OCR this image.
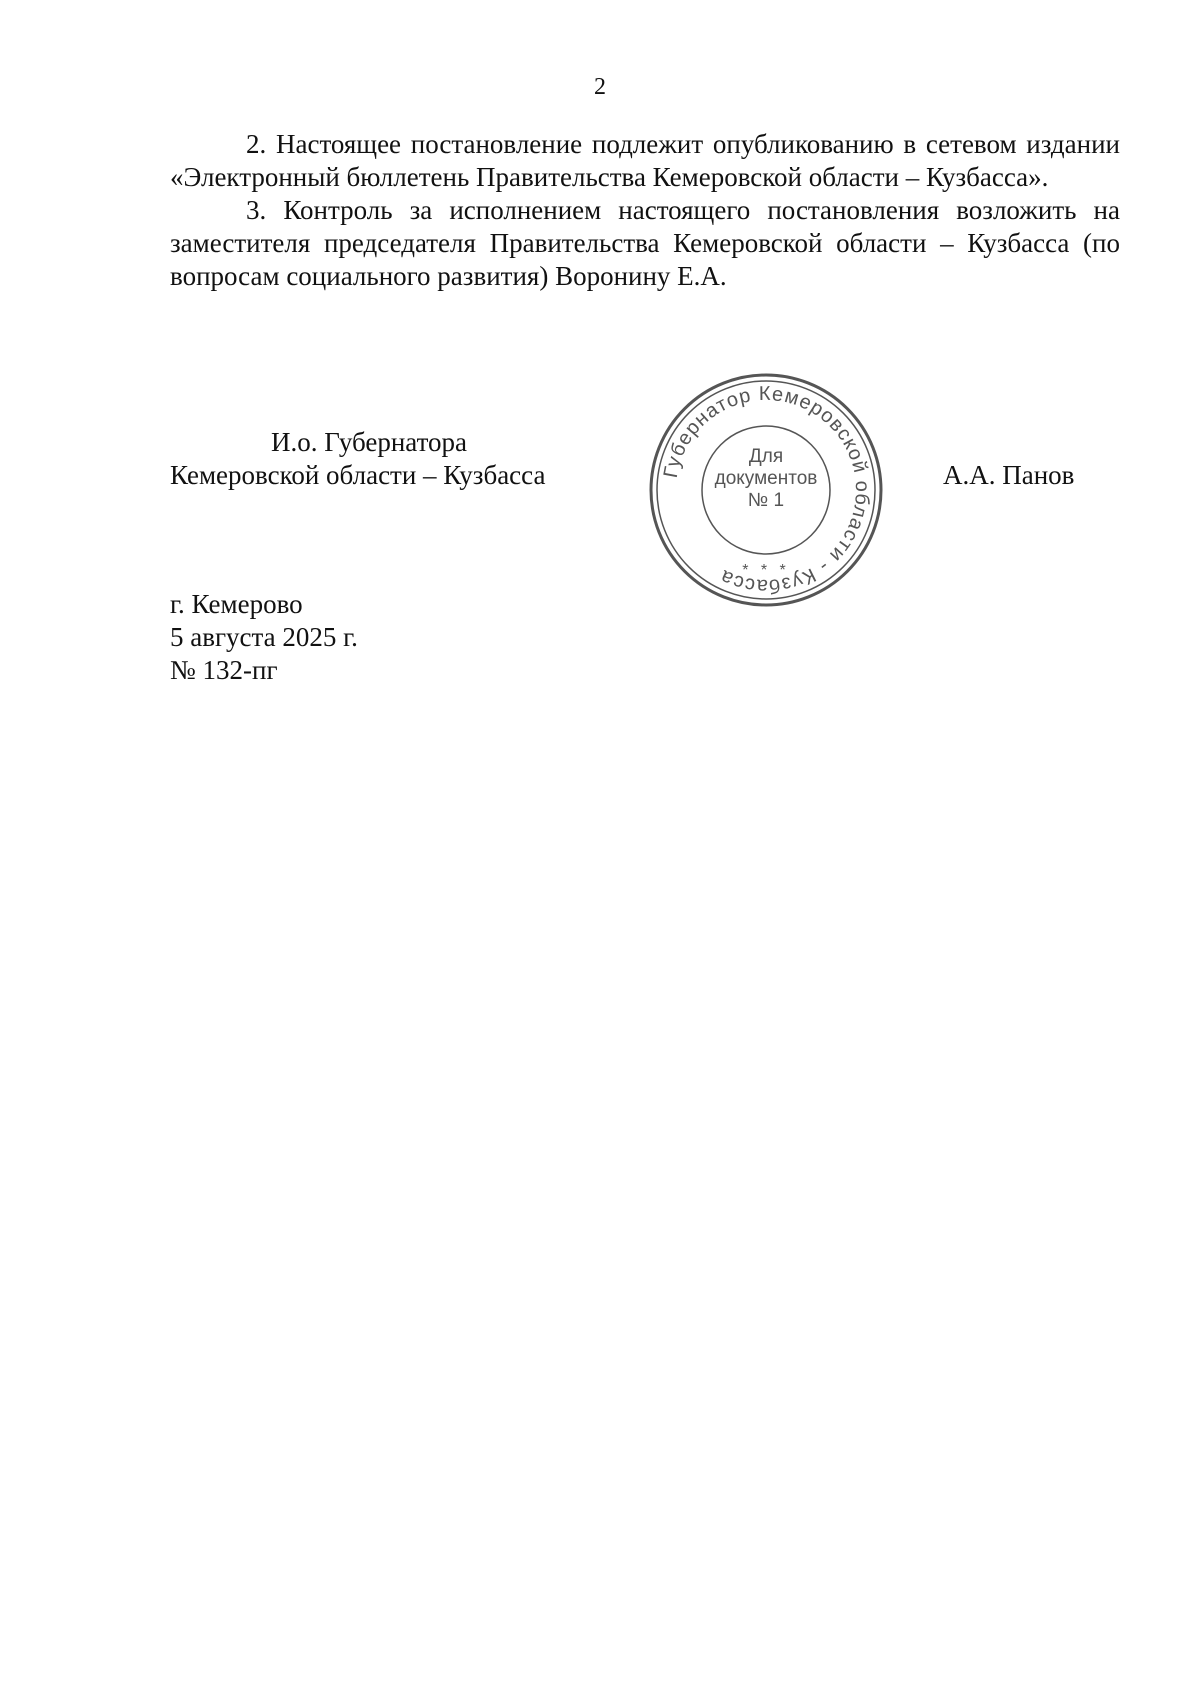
2

2. Настоящее постановление подлежит опубликованию в сетевом издании «Электронный бюллетень Правительства Кемеровской области – Кузбасса».

3. Контроль за исполнением настоящего постановления возложить на заместителя председателя Правительства Кемеровской области – Кузбасса (по вопросам социального развития) Воронину Е.А.

И.о. Губернатора
Кемеровской области – Кузбасса	Губернатор Кемеровской области - Кузбасса
Для
документов
№ 1
* * *
А.А. Панов
г. Кемерово
5 августа 2025 г.
№ 132-пг
